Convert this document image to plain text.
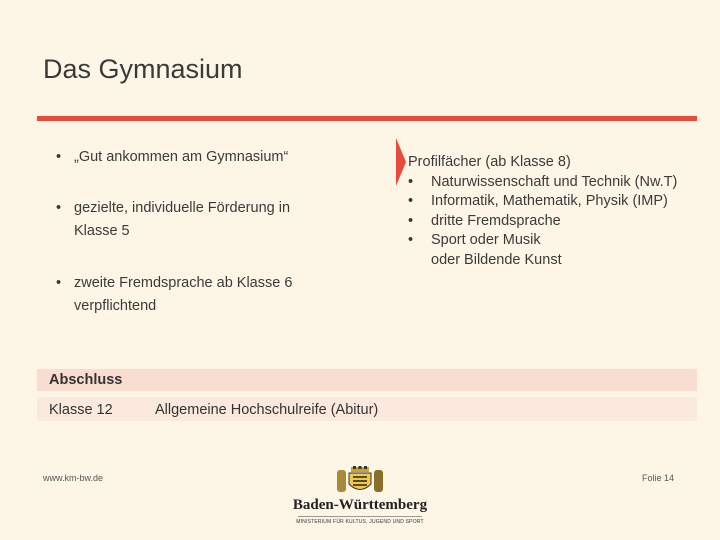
Das Gymnasium
• „Gut ankommen am Gymnasium“
• gezielte, individuelle Förderung in Klasse 5
• zweite Fremdsprache ab Klasse 6 verpflichtend
Profilfächer (ab Klasse 8)
• Naturwissenschaft und Technik (Nw.T)
• Informatik, Mathematik, Physik (IMP)
• dritte Fremdsprache
• Sport oder Musik oder Bildende Kunst
Abschluss
Klasse 12	Allgemeine Hochschulreife (Abitur)
www.km-bw.de	Folie 14
Baden-Württemberg
MINISTERIUM FÜR KULTUS, JUGEND UND SPORT
